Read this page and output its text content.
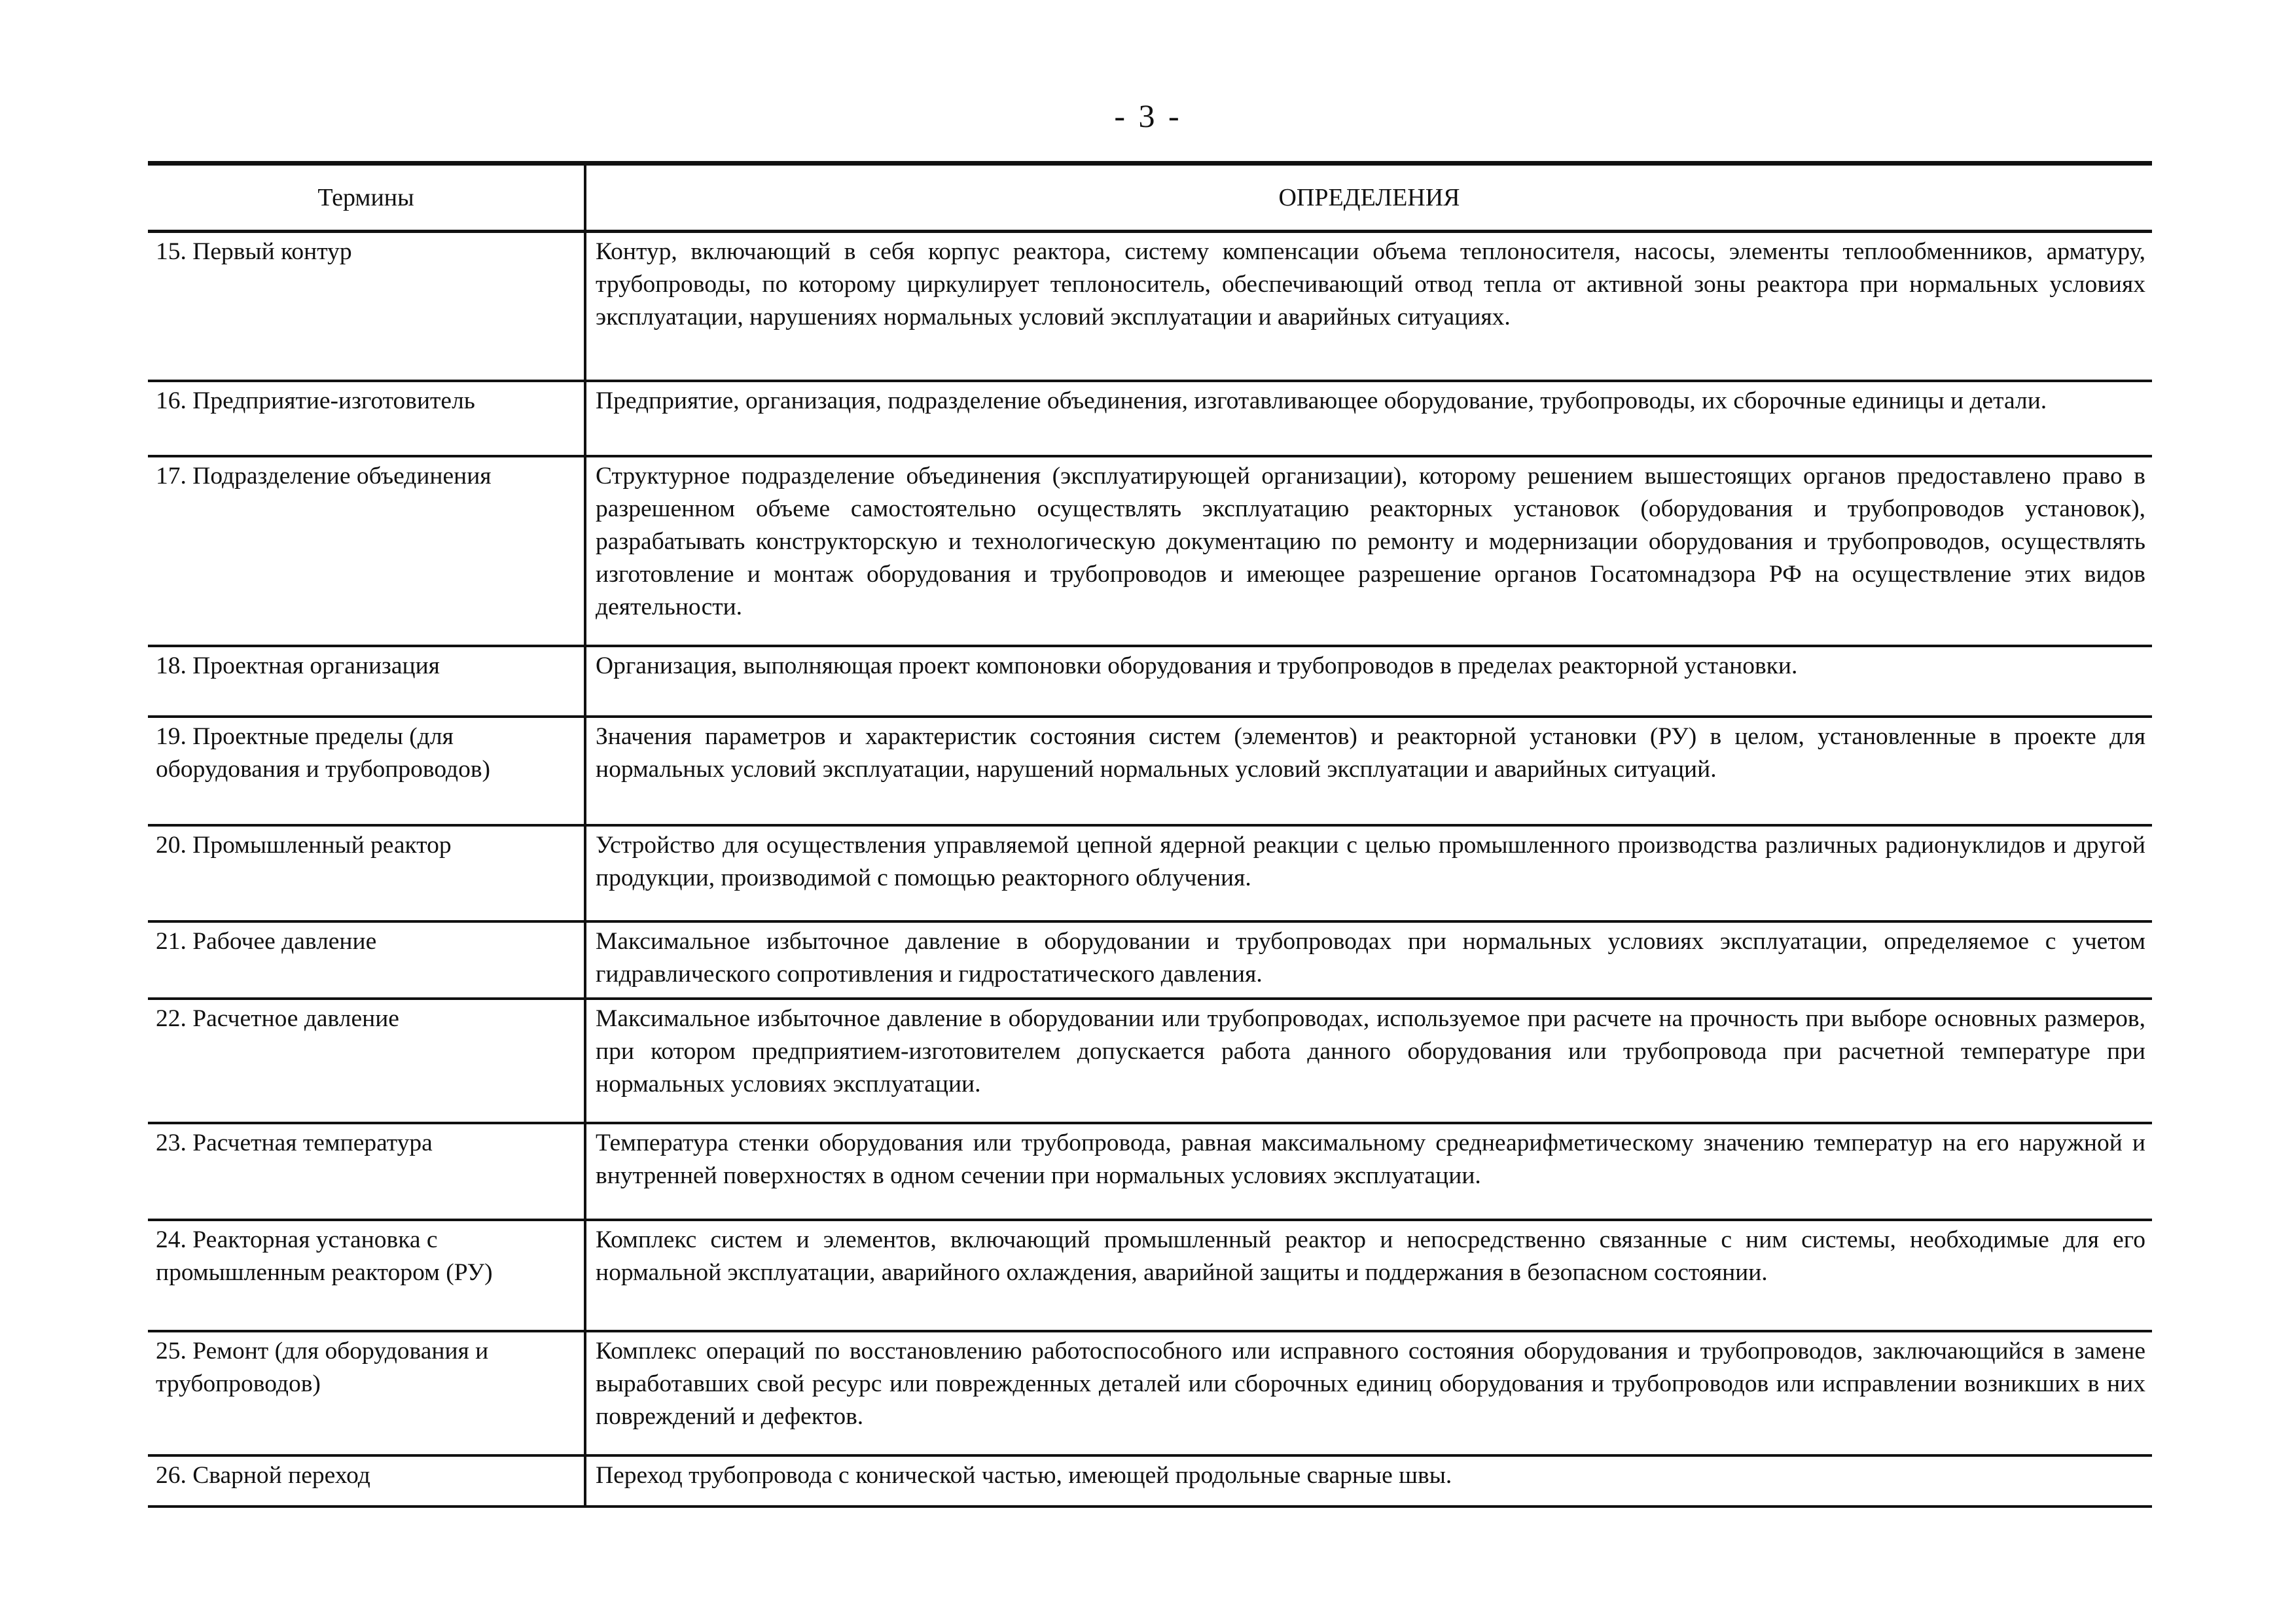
- 3 -
Термины	ОПРЕДЕЛЕНИЯ
15. Первый контур	Контур, включающий в себя корпус реактора, систему компенсации объема теплоносителя, насосы, элементы теплообменников, арматуру, трубопроводы, по которому циркулирует теплоноситель, обеспечивающий отвод тепла от активной зоны реактора при нормальных условиях эксплуатации, нарушениях нормальных условий эксплуатации и аварийных ситуациях.
16. Предприятие-изготовитель	Предприятие, организация, подразделение объединения, изготавливающее оборудование, трубопроводы, их сборочные единицы и детали.
17. Подразделение объединения	Структурное подразделение объединения (эксплуатирующей организации), которому решением вышестоящих органов предоставлено право в разрешенном объеме самостоятельно осуществлять эксплуатацию реакторных установок (оборудования и трубопроводов установок), разрабатывать конструкторскую и технологическую документацию по ремонту и модернизации оборудования и трубопроводов, осуществлять изготовление и монтаж оборудования и трубопроводов и имеющее разрешение органов Госатомнадзора РФ на осуществление этих видов деятельности.
18. Проектная организация	Организация, выполняющая проект компоновки оборудования и трубопроводов в пределах реакторной установки.
19. Проектные пределы (для оборудования и трубопроводов)	Значения параметров и характеристик состояния систем (элементов) и реакторной установки (РУ) в целом, установленные в проекте для нормальных условий эксплуатации, нарушений нормальных условий эксплуатации и аварийных ситуаций.
20. Промышленный реактор	Устройство для осуществления управляемой цепной ядерной реакции с целью промышленного производства различных радионуклидов и другой продукции, производимой с помощью реакторного облучения.
21. Рабочее давление	Максимальное избыточное давление в оборудовании и трубопроводах при нормальных условиях эксплуатации, определяемое с учетом гидравлического сопротивления и гидростатического давления.
22. Расчетное давление	Максимальное избыточное давление в оборудовании или трубопроводах, используемое при расчете на прочность при выборе основных размеров, при котором предприятием-изготовителем допускается работа данного оборудования или трубопровода при расчетной температуре при нормальных условиях эксплуатации.
23. Расчетная температура	Температура стенки оборудования или трубопровода, равная максимальному среднеарифметическому значению температур на его наружной и внутренней поверхностях в одном сечении при нормальных условиях эксплуатации.
24. Реакторная установка с промышленным реактором (РУ)	Комплекс систем и элементов, включающий промышленный реактор и непосредственно связанные с ним системы, необходимые для его нормальной эксплуатации, аварийного охлаждения, аварийной защиты и поддержания в безопасном состоянии.
25. Ремонт (для оборудования и трубопроводов)	Комплекс операций по восстановлению работоспособного или исправного состояния оборудования и трубопроводов, заключающийся в замене выработавших свой ресурс или поврежденных деталей или сборочных единиц оборудования и трубопроводов или исправлении возникших в них повреждений и дефектов.
26. Сварной переход	Переход трубопровода с конической частью, имеющей продольные сварные швы.
